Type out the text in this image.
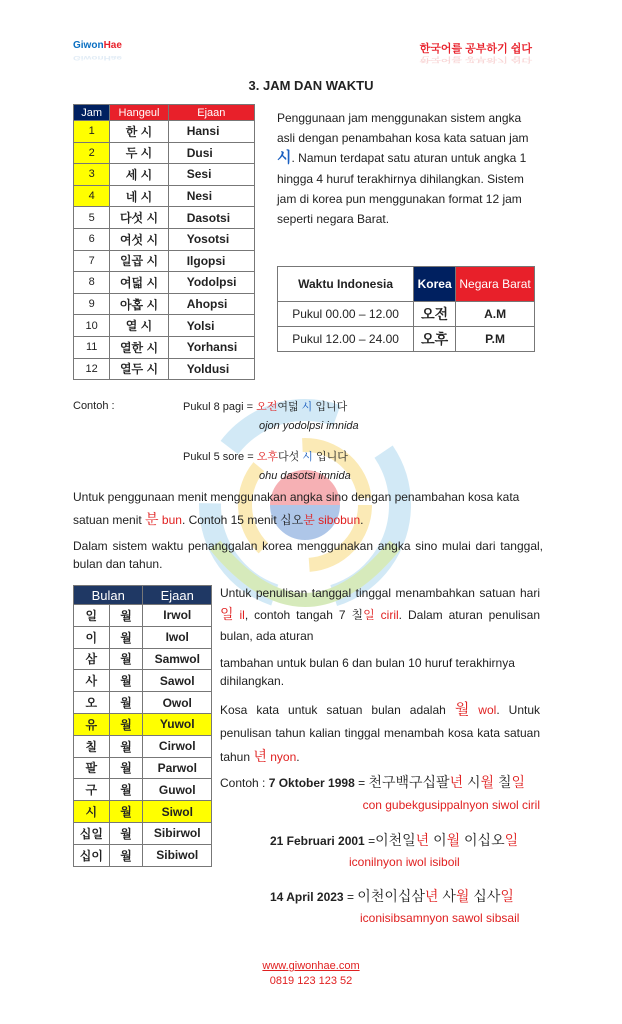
GiwonHae
GiwonHae
한국어를 공부하기 쉽다
한국어를 공부하기 쉽다
3. JAM DAN WAKTU
Jam	Hangeul	Ejaan
1	한 시	Hansi
2	두 시	Dusi
3	세 시	Sesi
4	네 시	Nesi
5	다섯 시	Dasotsi
6	여섯 시	Yosotsi
7	일곱 시	Ilgopsi
8	여덟 시	Yodolpsi
9	아홉 시	Ahopsi
10	열 시	Yolsi
11	열한 시	Yorhansi
12	열두 시	Yoldusi
Penggunaan jam menggunakan sistem angka asli dengan penambahan kosa kata satuan jam 시. Namun terdapat satu aturan untuk angka 1 hingga 4 huruf terakhirnya dihilangkan. Sistem jam di korea pun menggunakan format 12 jam seperti negara Barat.
Waktu Indonesia	Korea	Negara Barat
Pukul 00.00 – 12.00	오전	A.M
Pukul 12.00 – 24.00	오후	P.M
Contoh :	Pukul 8 pagi = 오전여덟 시 입니다
ojon yodolpsi imnida
Pukul 5 sore = 오후다섯 시 입니다
ohu dasotsi imnida
Untuk penggunaan menit menggunakan angka sino dengan penambahan kosa kata satuan menit 분 bun. Contoh 15 menit 십오분 sibobun.
Dalam sistem waktu penanggalan korea menggunakan angka sino mulai dari tanggal, bulan dan tahun.
Bulan		Ejaan
일	월	Irwol
이	월	Iwol
삼	월	Samwol
사	월	Sawol
오	월	Owol
유	월	Yuwol
칠	월	Cirwol
팔	월	Parwol
구	월	Guwol
시	월	Siwol
십일	월	Sibirwol
십이	월	Sibiwol
Untuk penulisan tanggal tinggal menambahkan satuan hari 일 il, contoh tangah 7 칠일 ciril. Dalam aturan penulisan bulan, ada aturan
tambahan untuk bulan 6 dan bulan 10 huruf terakhirnya dihilangkan.
Kosa kata untuk satuan bulan adalah 월 wol. Untuk penulisan tahun kalian tinggal menambah kosa kata satuan tahun 년 nyon.
Contoh : 7 Oktober 1998 = 천구백구십팔년 시월 칠일
con gubekgusippalnyon siwol ciril
21 Februari 2001 =이천일년 이월 이십오일
iconilnyon iwol isiboil
14 April 2023 = 이천이십삼년 사월 십사일
iconisibsamnyon sawol sibsail
www.giwonhae.com
0819 123 123 52
